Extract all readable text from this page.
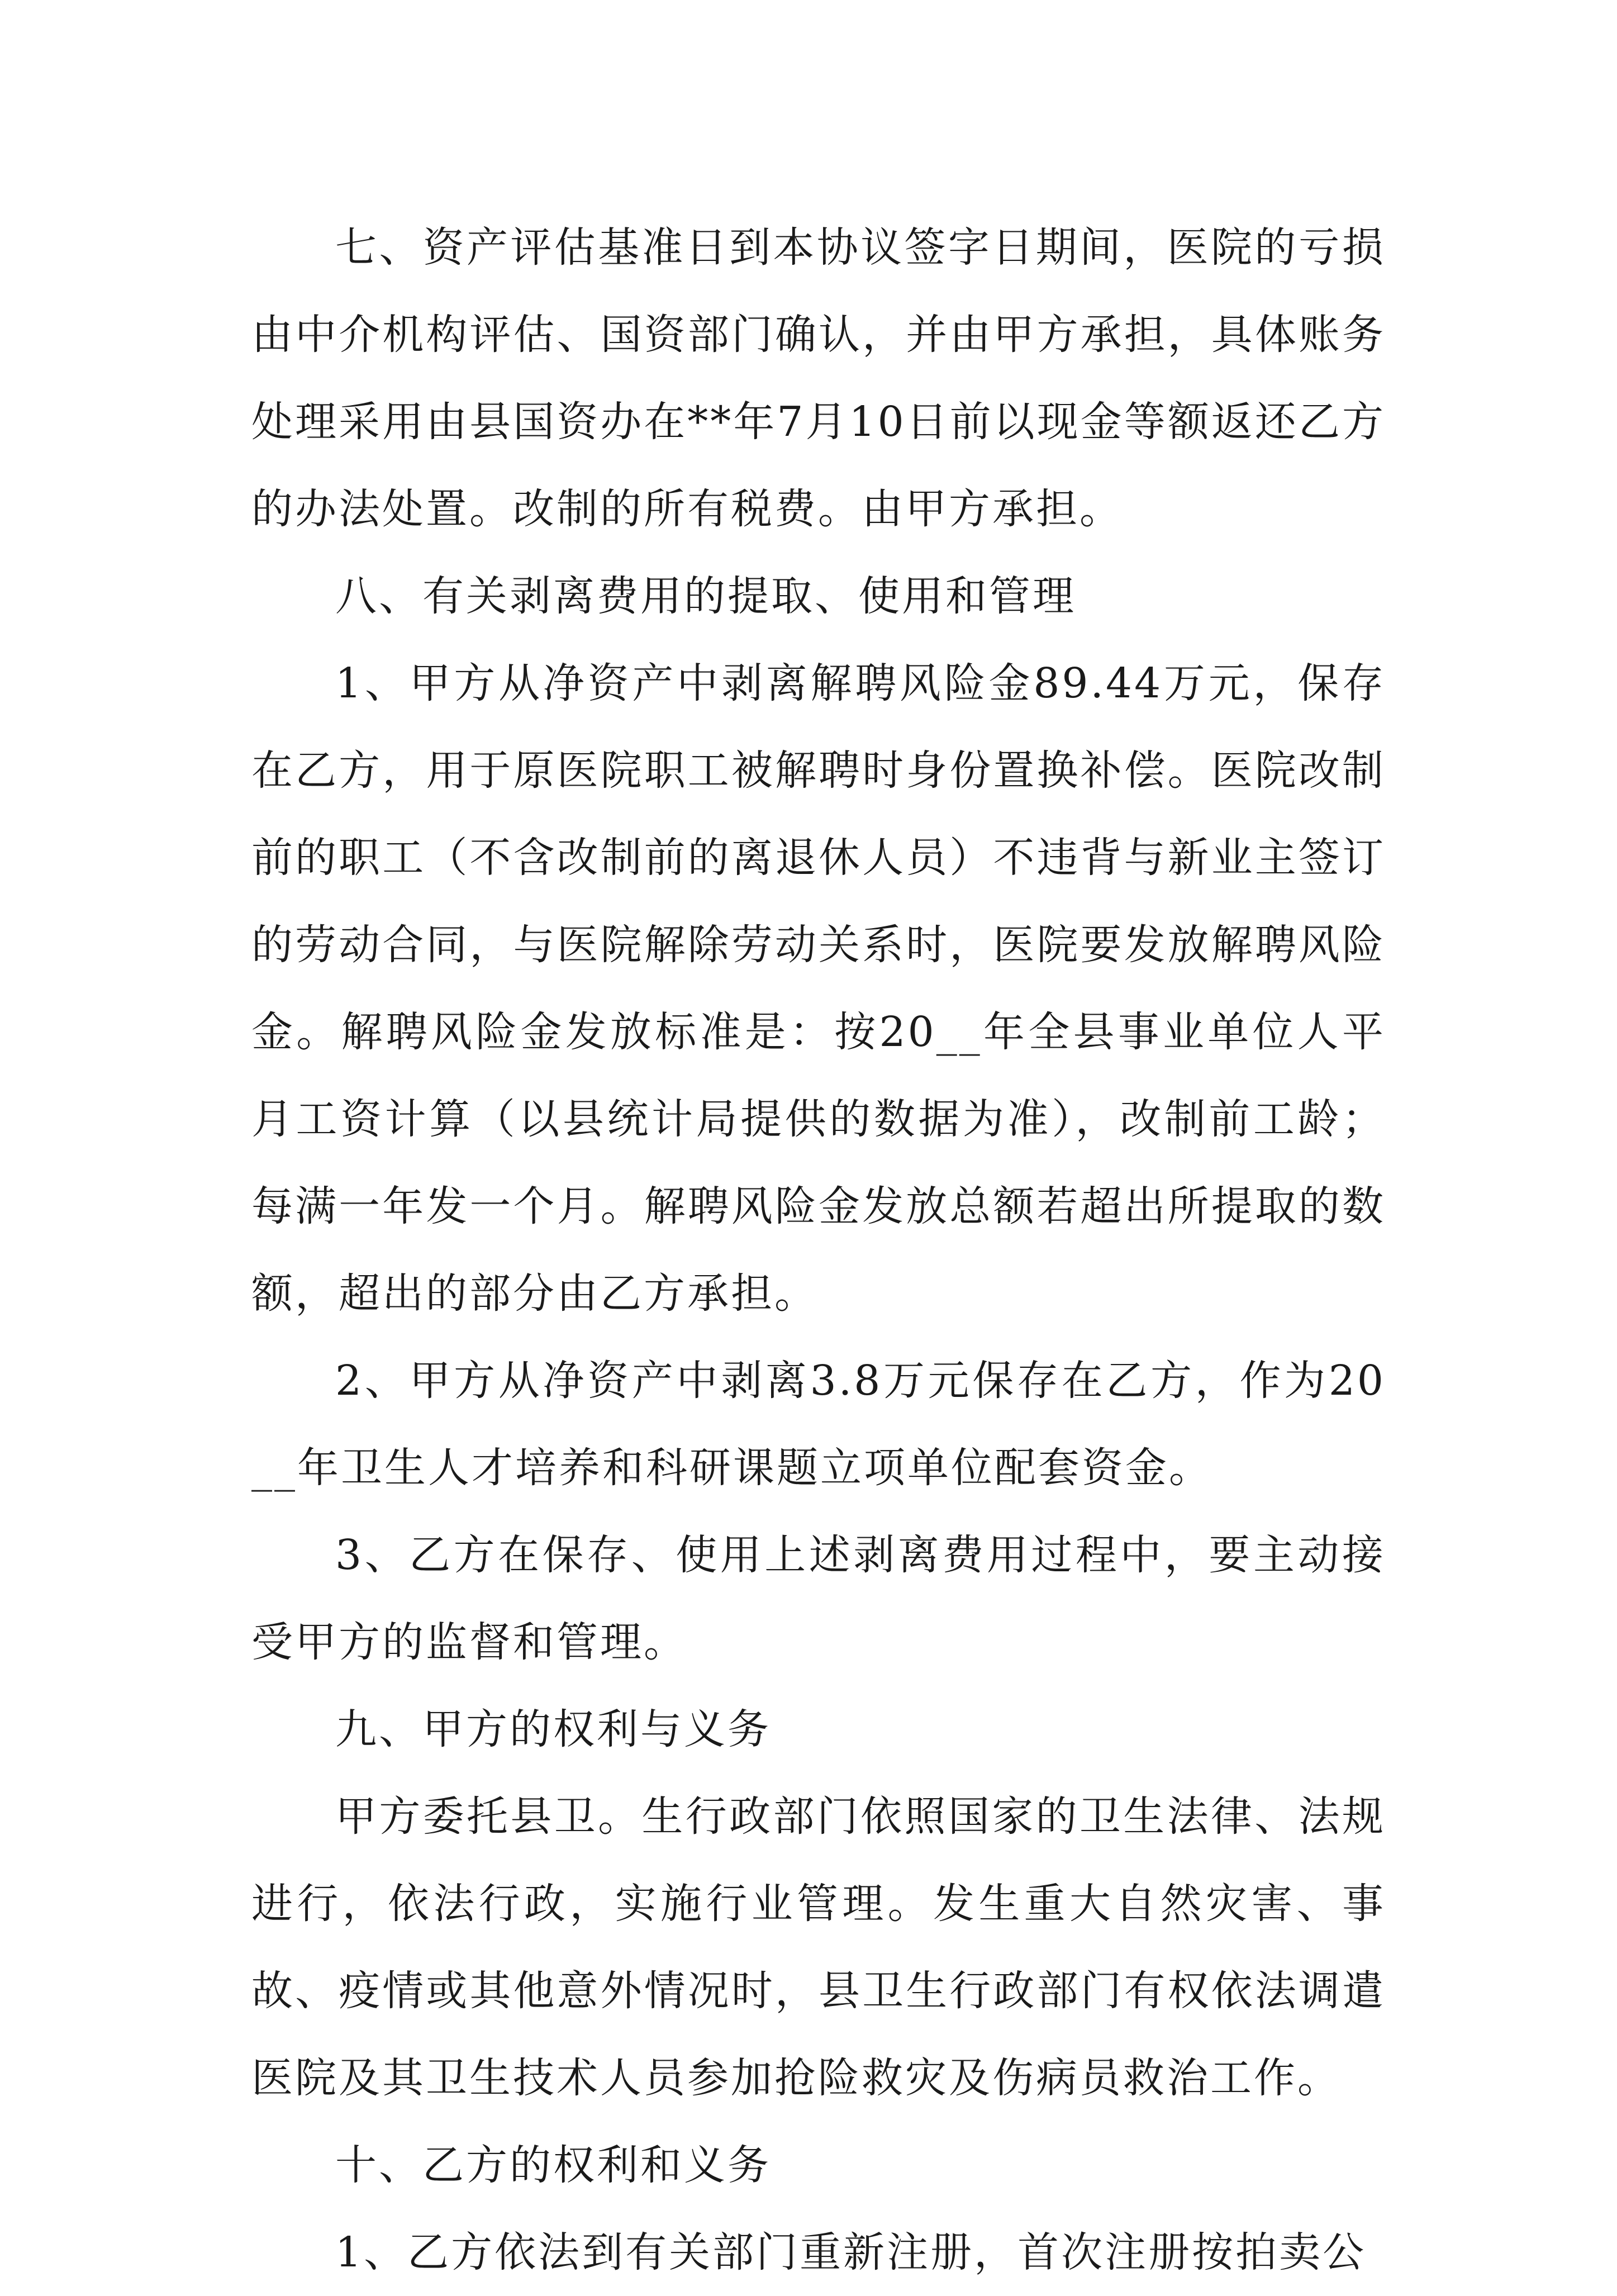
七、资产评估基准日到本协议签字日期间，医院的亏损由中介机构评估、国资部门确认，并由甲方承担，具体账务处理采用由县国资办在**年7月10日前以现金等额返还乙方的办法处置。改制的所有税费。由甲方承担。

八、有关剥离费用的提取、使用和管理

1、甲方从净资产中剥离解聘风险金89.44万元，保存在乙方，用于原医院职工被解聘时身份置换补偿。医院改制前的职工（不含改制前的离退休人员）不违背与新业主签订的劳动合同，与医院解除劳动关系时，医院要发放解聘风险金。解聘风险金发放标准是：按20__年全县事业单位人平月工资计算（以县统计局提供的数据为准），改制前工龄；每满一年发一个月。解聘风险金发放总额若超出所提取的数额，超出的部分由乙方承担。

2、甲方从净资产中剥离3.8万元保存在乙方，作为20__年卫生人才培养和科研课题立项单位配套资金。

3、乙方在保存、使用上述剥离费用过程中，要主动接受甲方的监督和管理。

九、甲方的权利与义务

甲方委托县卫。生行政部门依照国家的卫生法律、法规进行，依法行政，实施行业管理。发生重大自然灾害、事故、疫情或其他意外情况时，县卫生行政部门有权依法调遣医院及其卫生技术人员参加抢险救灾及伤病员救治工作。

十、乙方的权利和义务

1、乙方依法到有关部门重新注册，首次注册按拍卖公
